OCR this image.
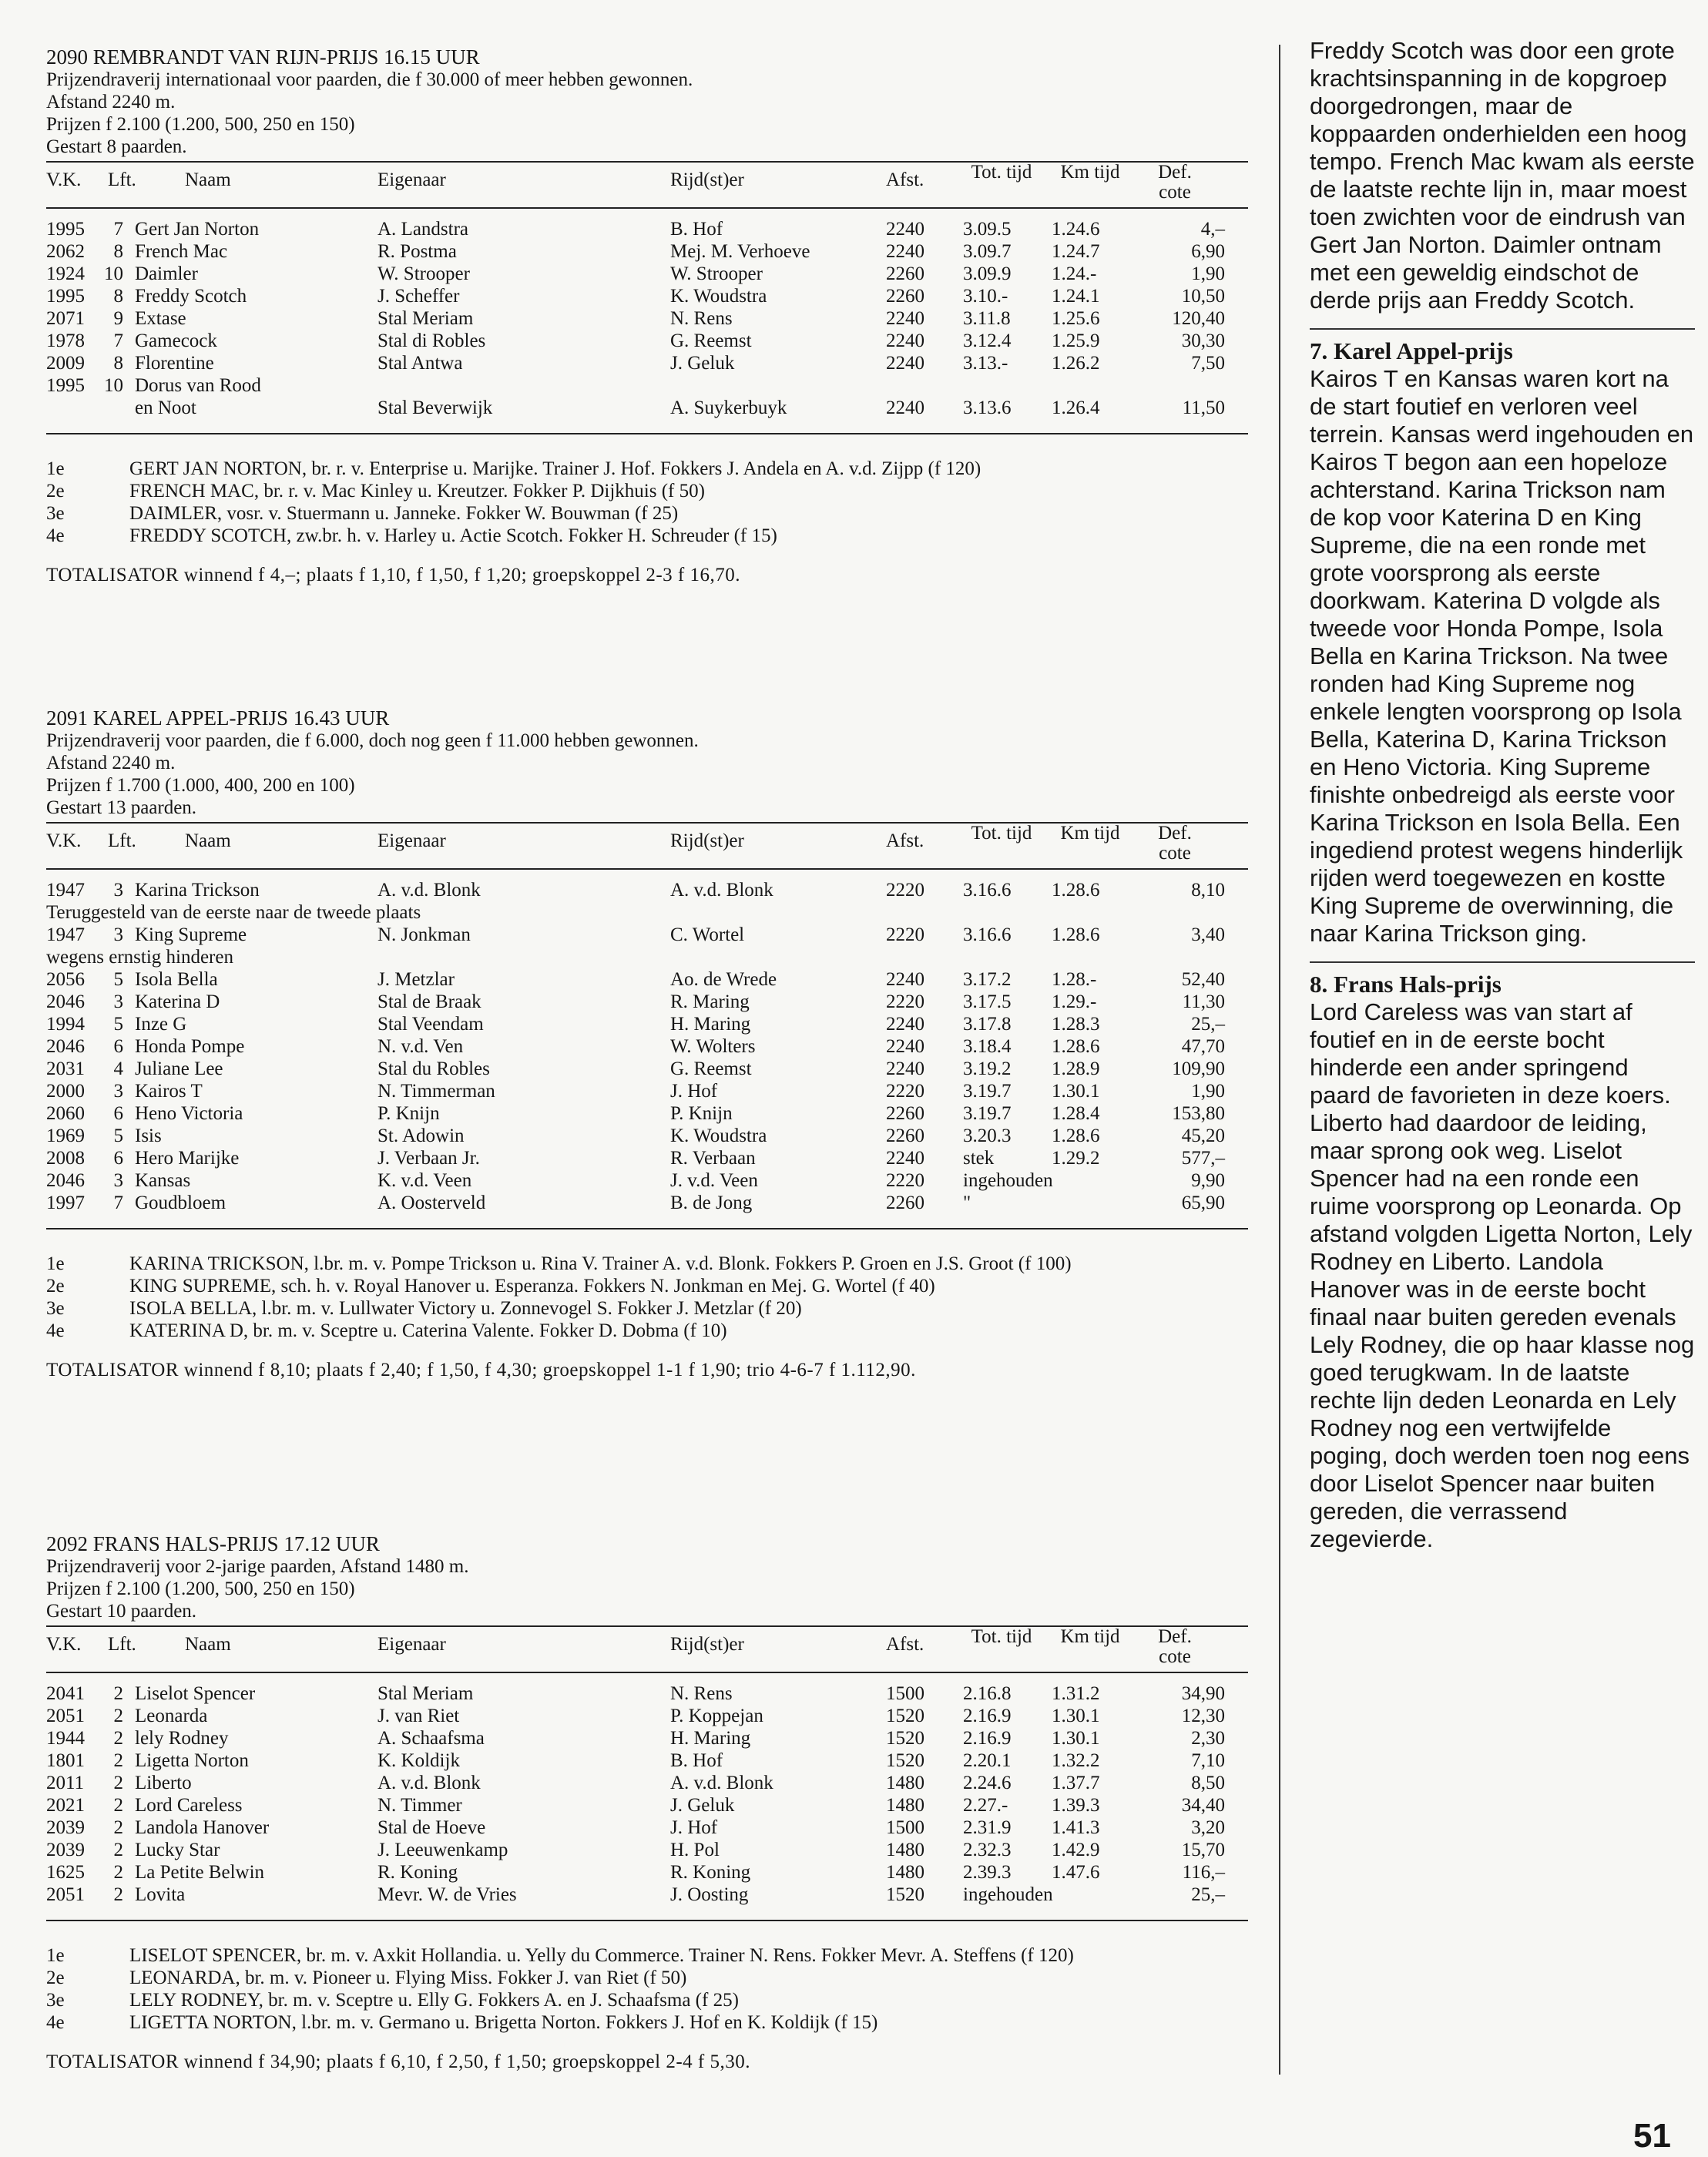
2090 REMBRANDT VAN RIJN-PRIJS 16.15 UUR
Prijzendraverij internationaal voor paarden, die f 30.000 of meer hebben gewonnen.
Afstand 2240 m.
Prijzen f 2.100 (1.200, 500, 250 en 150)
Gestart 8 paarden.
V.K. Lft.	Naam	Eigenaar	Rijd(st)er	Afst. Tot. tijd Km tijd	Def. cote
1995	7 Gert Jan Norton	A. Landstra	B. Hof	2240	3.09.5	1.24.6	4,–
2062	8 French Mac	R. Postma	Mej. M. Verhoeve	2240	3.09.7	1.24.7	6,90
1924	10 Daimler	W. Strooper	W. Strooper	2260	3.09.9	1.24.-	1,90
1995	8 Freddy Scotch	J. Scheffer	K. Woudstra	2260	3.10.-	1.24.1	10,50
2071	9 Extase	Stal Meriam	N. Rens	2240	3.11.8	1.25.6	120,40
1978	7 Gamecock	Stal di Robles	G. Reemst	2240	3.12.4	1.25.9	30,30
2009	8 Florentine	Stal Antwa	J. Geluk	2240	3.13.-	1.26.2	7,50
1995	10 Dorus van Rood
en Noot	Stal Beverwijk	A. Suykerbuyk	2240	3.13.6	1.26.4	11,50
1e	GERT JAN NORTON, br. r. v. Enterprise u. Marijke. Trainer J. Hof. Fokkers J. Andela en A. v.d. Zijpp (f 120)
2e	FRENCH MAC, br. r. v. Mac Kinley u. Kreutzer. Fokker P. Dijkhuis (f 50)
3e	DAIMLER, vosr. v. Stuermann u. Janneke. Fokker W. Bouwman (f 25)
4e	FREDDY SCOTCH, zw.br. h. v. Harley u. Actie Scotch. Fokker H. Schreuder (f 15)
TOTALISATOR winnend f 4,–; plaats f 1,10, f 1,50, f 1,20; groepskoppel 2-3 f 16,70.
2091 KAREL APPEL-PRIJS 16.43 UUR
Prijzendraverij voor paarden, die f 6.000, doch nog geen f 11.000 hebben gewonnen.
Afstand 2240 m.
Prijzen f 1.700 (1.000, 400, 200 en 100)
Gestart 13 paarden.
V.K. Lft.	Naam	Eigenaar	Rijd(st)er	Afst. Tot. tijd Km tijd	Def. cote
1947	3 Karina Trickson	A. v.d. Blonk	A. v.d. Blonk	2220	3.16.6	1.28.6	8,10
Teruggesteld van de eerste naar de tweede plaats
1947	3 King Supreme	N. Jonkman	C. Wortel	2220	3.16.6	1.28.6	3,40
wegens ernstig hinderen
2056	5 Isola Bella	J. Metzlar	Ao. de Wrede	2240	3.17.2	1.28.-	52,40
2046	3 Katerina D	Stal de Braak	R. Maring	2220	3.17.5	1.29.-	11,30
1994	5 Inze G	Stal Veendam	H. Maring	2240	3.17.8	1.28.3	25,–
2046	6 Honda Pompe	N. v.d. Ven	W. Wolters	2240	3.18.4	1.28.6	47,70
2031	4 Juliane Lee	Stal du Robles	G. Reemst	2240	3.19.2	1.28.9	109,90
2000	3 Kairos T	N. Timmerman	J. Hof	2220	3.19.7	1.30.1	1,90
2060	6 Heno Victoria	P. Knijn	P. Knijn	2260	3.19.7	1.28.4	153,80
1969	5 Isis	St. Adowin	K. Woudstra	2260	3.20.3	1.28.6	45,20
2008	6 Hero Marijke	J. Verbaan Jr.	R. Verbaan	2240	stek	1.29.2	577,–
2046	3 Kansas	K. v.d. Veen	J. v.d. Veen	2220	ingehouden	9,90
1997	7 Goudbloem	A. Oosterveld	B. de Jong	2260	"	65,90
1e	KARINA TRICKSON, l.br. m. v. Pompe Trickson u. Rina V. Trainer A. v.d. Blonk. Fokkers P. Groen en J.S. Groot (f 100)
2e	KING SUPREME, sch. h. v. Royal Hanover u. Esperanza. Fokkers N. Jonkman en Mej. G. Wortel (f 40)
3e	ISOLA BELLA, l.br. m. v. Lullwater Victory u. Zonnevogel S. Fokker J. Metzlar (f 20)
4e	KATERINA D, br. m. v. Sceptre u. Caterina Valente. Fokker D. Dobma (f 10)
TOTALISATOR winnend f 8,10; plaats f 2,40; f 1,50, f 4,30; groepskoppel 1-1 f 1,90; trio 4-6-7 f 1.112,90.
2092 FRANS HALS-PRIJS 17.12 UUR
Prijzendraverij voor 2-jarige paarden, Afstand 1480 m.
Prijzen f 2.100 (1.200, 500, 250 en 150)
Gestart 10 paarden.
V.K. Lft.	Naam	Eigenaar	Rijd(st)er	Afst. Tot. tijd Km tijd	Def. cote
2041	2 Liselot Spencer	Stal Meriam	N. Rens	1500	2.16.8	1.31.2	34,90
2051	2 Leonarda	J. van Riet	P. Koppejan	1520	2.16.9	1.30.1	12,30
1944	2 lely Rodney	A. Schaafsma	H. Maring	1520	2.16.9	1.30.1	2,30
1801	2 Ligetta Norton	K. Koldijk	B. Hof	1520	2.20.1	1.32.2	7,10
2011	2 Liberto	A. v.d. Blonk	A. v.d. Blonk	1480	2.24.6	1.37.7	8,50
2021	2 Lord Careless	N. Timmer	J. Geluk	1480	2.27.-	1.39.3	34,40
2039	2 Landola Hanover	Stal de Hoeve	J. Hof	1500	2.31.9	1.41.3	3,20
2039	2 Lucky Star	J. Leeuwenkamp	H. Pol	1480	2.32.3	1.42.9	15,70
1625	2 La Petite Belwin	R. Koning	R. Koning	1480	2.39.3	1.47.6	116,–
2051	2 Lovita	Mevr. W. de Vries	J. Oosting	1520	ingehouden	25,–
1e	LISELOT SPENCER, br. m. v. Axkit Hollandia. u. Yelly du Commerce. Trainer N. Rens. Fokker Mevr. A. Steffens (f 120)
2e	LEONARDA, br. m. v. Pioneer u. Flying Miss. Fokker J. van Riet (f 50)
3e	LELY RODNEY, br. m. v. Sceptre u. Elly G. Fokkers A. en J. Schaafsma (f 25)
4e	LIGETTA NORTON, l.br. m. v. Germano u. Brigetta Norton. Fokkers J. Hof en K. Koldijk (f 15)
TOTALISATOR winnend f 34,90; plaats f 6,10, f 2,50, f 1,50; groepskoppel 2-4 f 5,30.

Freddy Scotch was door een grote krachtsinspanning in de kopgroep doorgedrongen, maar de koppaarden onderhielden een hoog tempo. French Mac kwam als eerste de laatste rechte lijn in, maar moest toen zwichten voor de eindrush van Gert Jan Norton. Daimler ontnam met een geweldig eindschot de derde prijs aan Freddy Scotch.

7. Karel Appel-prijs

Kairos T en Kansas waren kort na de start foutief en verloren veel terrein. Kansas werd ingehouden en Kairos T begon aan een hopeloze achterstand. Karina Trickson nam de kop voor Katerina D en King Supreme, die na een ronde met grote voorsprong als eerste doorkwam. Katerina D volgde als tweede voor Honda Pompe, Isola Bella en Karina Trickson. Na twee ronden had King Supreme nog enkele lengten voorsprong op Isola Bella, Katerina D, Karina Trickson en Heno Victoria. King Supreme finishte onbedreigd als eerste voor Karina Trickson en Isola Bella. Een ingediend protest wegens hinderlijk rijden werd toegewezen en kostte King Supreme de overwinning, die naar Karina Trickson ging.

8. Frans Hals-prijs

Lord Careless was van start af foutief en in de eerste bocht hinderde een ander springend paard de favorieten in deze koers. Liberto had daardoor de leiding, maar sprong ook weg. Liselot Spencer had na een ronde een ruime voorsprong op Leonarda. Op afstand volgden Ligetta Norton, Lely Rodney en Liberto. Landola Hanover was in de eerste bocht finaal naar buiten gereden evenals Lely Rodney, die op haar klasse nog goed terugkwam. In de laatste rechte lijn deden Leonarda en Lely Rodney nog een vertwijfelde poging, doch werden toen nog eens door Liselot Spencer naar buiten gereden, die verrassend zegevierde.

51
